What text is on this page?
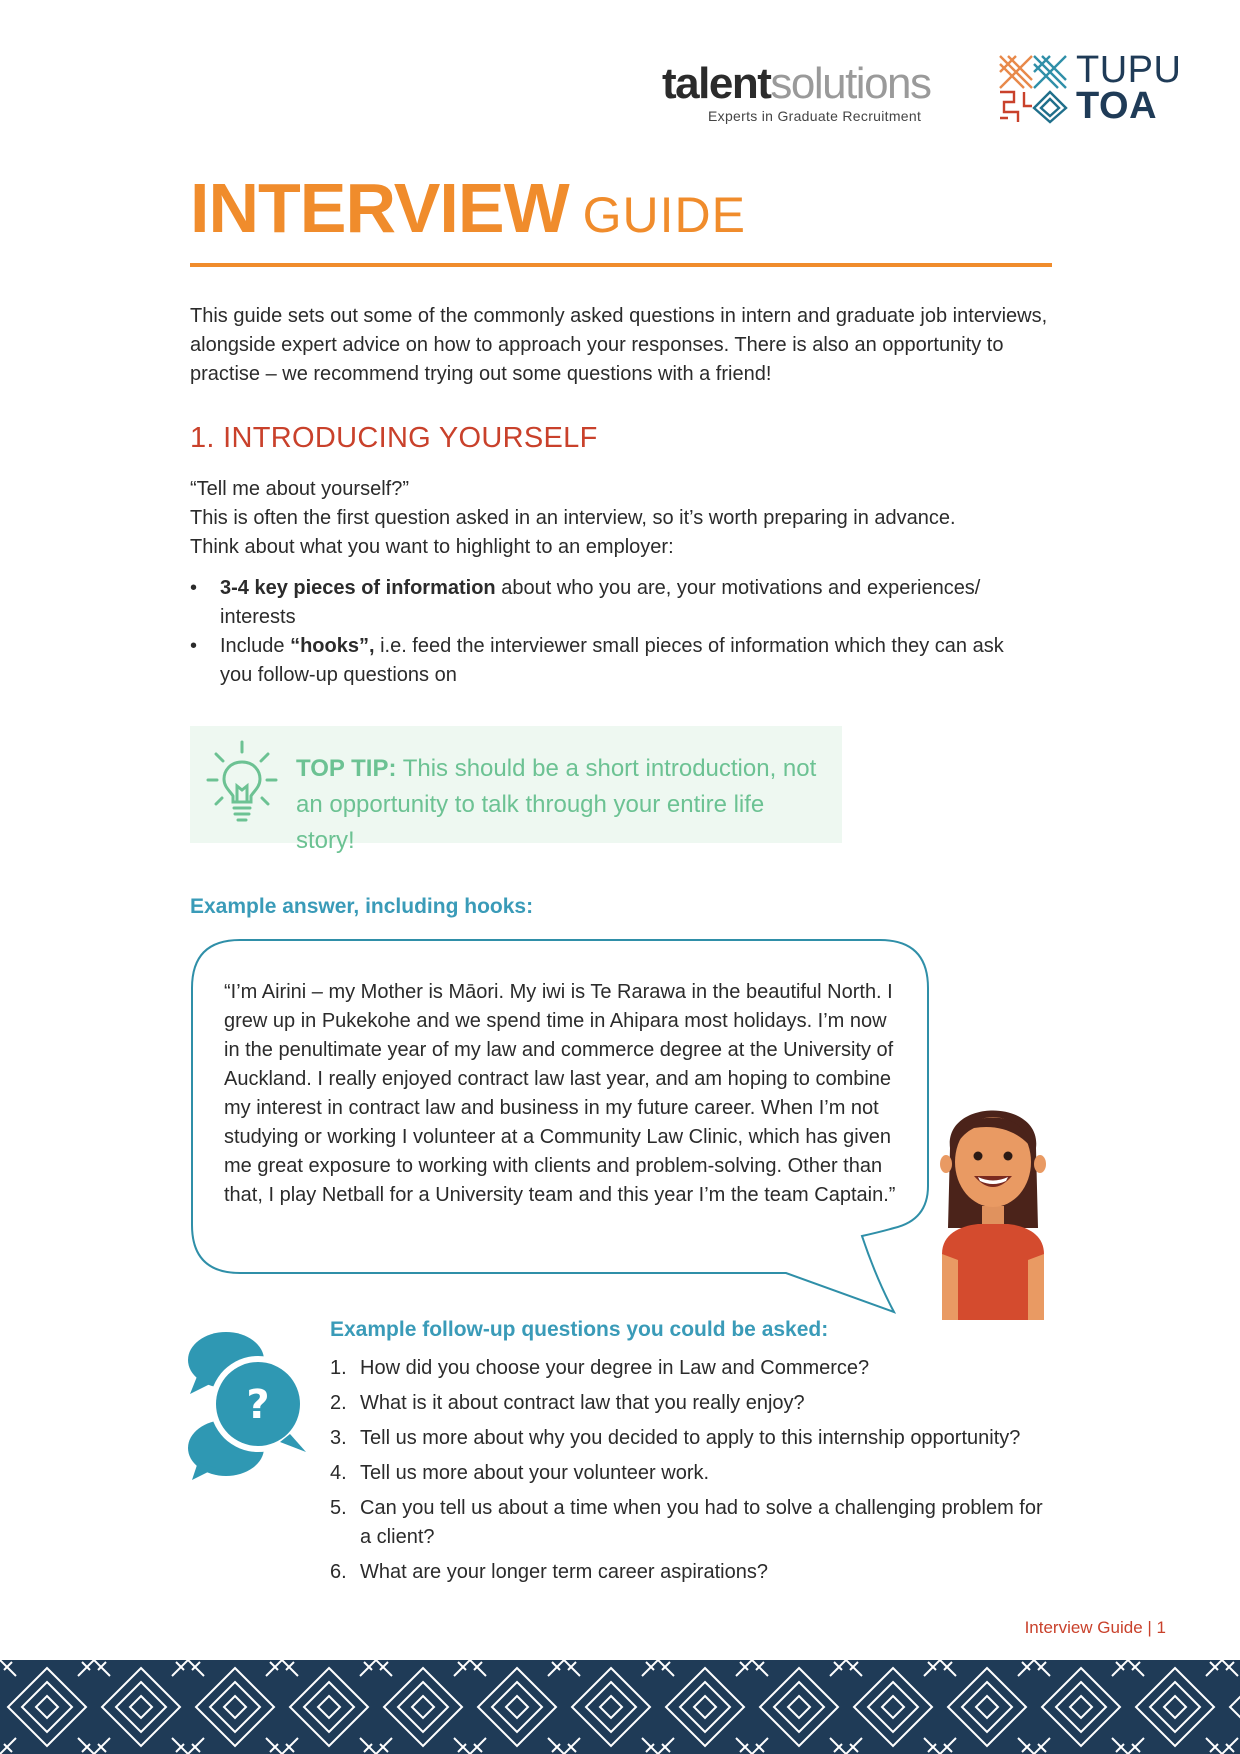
talentsolutions
Experts in Graduate Recruitment
TUPU
TOA
INTERVIEW GUIDE
This guide sets out some of the commonly asked questions in intern and graduate job interviews, alongside expert advice on how to approach your responses. There is also an opportunity to practise – we recommend trying out some questions with a friend!
1. INTRODUCING YOURSELF
“Tell me about yourself?”
This is often the first question asked in an interview, so it’s worth preparing in advance.
Think about what you want to highlight to an employer:
• 3-4 key pieces of information about who you are, your motivations and experiences/ interests
• Include “hooks”, i.e. feed the interviewer small pieces of information which they can ask you follow-up questions on
TOP TIP: This should be a short introduction, not an opportunity to talk through your entire life story!
Example answer, including hooks:
“I’m Airini – my Mother is Māori. My iwi is Te Rarawa in the beautiful North. I grew up in Pukekohe and we spend time in Ahipara most holidays. I’m now in the penultimate year of my law and commerce degree at the University of Auckland. I really enjoyed contract law last year, and am hoping to combine my interest in contract law and business in my future career. When I’m not studying or working I volunteer at a Community Law Clinic, which has given me great exposure to working with clients and problem-solving. Other than that, I play Netball for a University team and this year I’m the team Captain.”
?
Example follow-up questions you could be asked:
1. How did you choose your degree in Law and Commerce?
2. What is it about contract law that you really enjoy?
3. Tell us more about why you decided to apply to this internship opportunity?
4. Tell us more about your volunteer work.
5. Can you tell us about a time when you had to solve a challenging problem for a client?
6. What are your longer term career aspirations?
Interview Guide | 1
